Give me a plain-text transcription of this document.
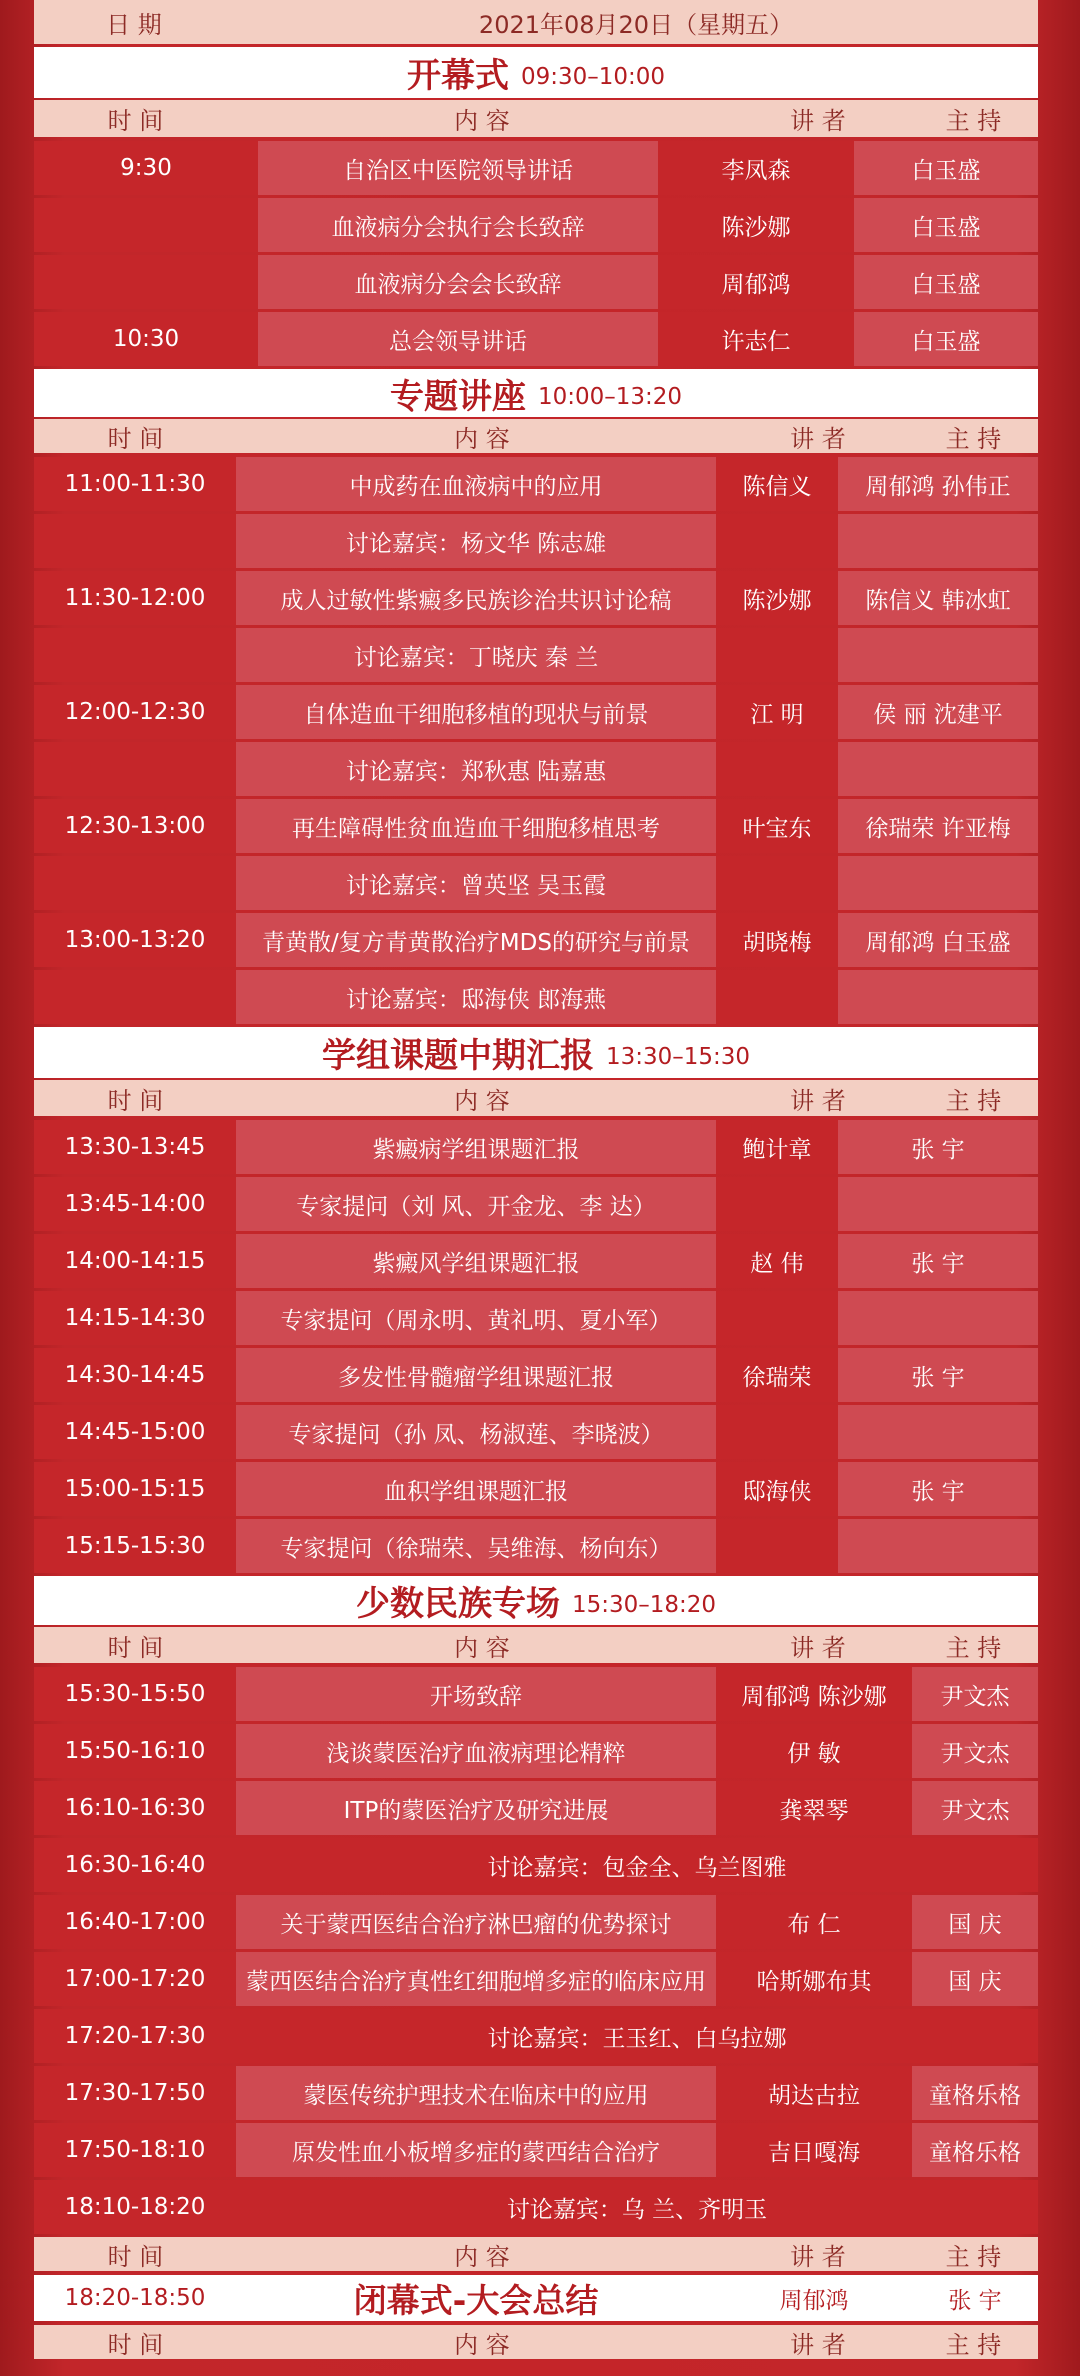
日 期	2021年08月20日（星期五）
开幕式 09:30–10:00
时 间	内 容	讲 者	主 持
9:30	自治区中医院领导讲话	李凤森	白玉盛
血液病分会执行会长致辞	陈沙娜	白玉盛
血液病分会会长致辞	周郁鸿	白玉盛
10:30	总会领导讲话	许志仁	白玉盛
专题讲座 10:00–13:20
时 间	内 容	讲 者	主 持
11:00-11:30	中成药在血液病中的应用	陈信义	周郁鸿 孙伟正
讨论嘉宾：杨文华 陈志雄
11:30-12:00	成人过敏性紫癜多民族诊治共识讨论稿	陈沙娜	陈信义 韩冰虹
讨论嘉宾：丁晓庆 秦 兰
12:00-12:30	自体造血干细胞移植的现状与前景	江 明	侯 丽 沈建平
讨论嘉宾：郑秋惠 陆嘉惠
12:30-13:00	再生障碍性贫血造血干细胞移植思考	叶宝东	徐瑞荣 许亚梅
讨论嘉宾：曾英坚 吴玉霞
13:00-13:20	青黄散/复方青黄散治疗MDS的研究与前景	胡晓梅	周郁鸿 白玉盛
讨论嘉宾：邸海侠 郎海燕
学组课题中期汇报 13:30–15:30
时 间	内 容	讲 者	主 持
13:30-13:45	紫癜病学组课题汇报	鲍计章	张 宇
13:45-14:00	专家提问（刘 风、开金龙、李 达）
14:00-14:15	紫癜风学组课题汇报	赵 伟	张 宇
14:15-14:30	专家提问（周永明、黄礼明、夏小军）
14:30-14:45	多发性骨髓瘤学组课题汇报	徐瑞荣	张 宇
14:45-15:00	专家提问（孙 凤、杨淑莲、李晓波）
15:00-15:15	血积学组课题汇报	邸海侠	张 宇
15:15-15:30	专家提问（徐瑞荣、吴维海、杨向东）
少数民族专场 15:30–18:20
时 间	内 容	讲 者	主 持
15:30-15:50	开场致辞	周郁鸿 陈沙娜	尹文杰
15:50-16:10	浅谈蒙医治疗血液病理论精粹	伊 敏	尹文杰
16:10-16:30	ITP的蒙医治疗及研究进展	龚翠琴	尹文杰
16:30-16:40	讨论嘉宾：包金全、乌兰图雅
16:40-17:00	关于蒙西医结合治疗淋巴瘤的优势探讨	布 仁	国 庆
17:00-17:20	蒙西医结合治疗真性红细胞增多症的临床应用	哈斯娜布其	国 庆
17:20-17:30	讨论嘉宾：王玉红、白乌拉娜
17:30-17:50	蒙医传统护理技术在临床中的应用	胡达古拉	童格乐格
17:50-18:10	原发性血小板增多症的蒙西结合治疗	吉日嘎海	童格乐格
18:10-18:20	讨论嘉宾：乌 兰、齐明玉
时 间	内 容	讲 者	主 持
18:20-18:50	闭幕式-大会总结	周郁鸿	张 宇
时 间	内 容	讲 者	主 持
